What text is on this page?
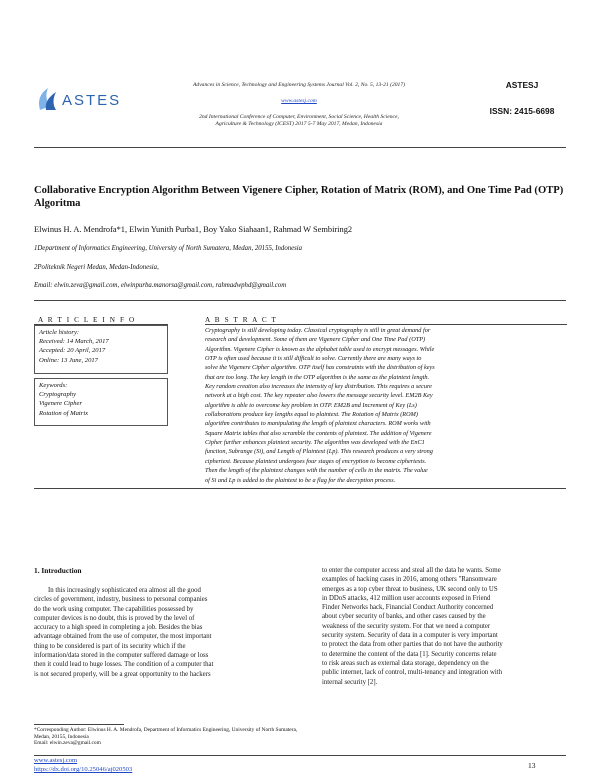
ASTES
Advances in Science, Technology and Engineering Systems Journal Vol. 2, No. 5, 13-21 (2017)
www.astesj.com
2nd International Conference of Computer, Environment, Social Science, Health Science,
Agriculture & Technology (ICEST) 2017 5-7 May 2017, Medan, Indonesia
ASTESJ
ISSN: 2415-6698
Collaborative Encryption Algorithm Between Vigenere Cipher, Rotation of Matrix (ROM), and One Time Pad (OTP) Algoritma
Elwinus H. A. Mendrofa*1, Elwin Yunith Purba1, Boy Yako Siahaan1, Rahmad W Sembiring2
1Department of Informatics Engineering, University of North Sumatera, Medan, 20155, Indonesia
2Politeknik Negeri Medan, Medan-Indonesia,
Email: elwin.zeva@gmail.com, elwinpurba.manorsa@gmail.com, rahmadwphd@gmail.com
A R T I C L E I N F O	A B S T R A C T
Article history:
Received: 14 March, 2017
Accepted: 20 April, 2017
Online: 13 June, 2017
Keywords:
Cryptography
Vigenere Cipher
Rotation of Matrix
Cryptography is still developing today. Classical cryptography is still in great demand for
research and development. Some of them are Vigenere Cipher and One Time Pad (OTP)
Algorithm. Vigenere Cipher is known as the alphabet table used to encrypt messages. While
OTP is often used because it is still difficult to solve. Currently there are many ways to
solve the Vigenere Cipher algorithm. OTP itself has constraints with the distribution of keys
that are too long. The key length in the OTP algorithm is the same as the plaintext length.
Key random creation also increases the intensity of key distribution. This requires a secure
network at a high cost. The key repeater also lowers the message security level. EM2B Key
algorithm is able to overcome key problem in OTP. EM2B and Increment of Key (Ls)
collaborations produce key lengths equal to plaintext. The Rotation of Matrix (ROM)
algorithm contributes to manipulating the length of plaintext characters. ROM works with
Square Matrix tables that also scramble the contents of plaintext. The addition of Vigenere
Cipher further enhances plaintext security. The algorithm was developed with the EnC1
function, Subrange (Si), and Length of Plaintext (Lp). This research produces a very strong
ciphertext. Because plaintext undergoes four stages of encryption to become ciphertexts.
Then the length of the plaintext changes with the number of cells in the matrix. The value
of Si and Lp is added to the plaintext to be a flag for the decryption process.
1. Introduction
In this increasingly sophisticated era almost all the good
circles of government, industry, business to personal companies
do the work using computer. The capabilities possessed by
computer devices is no doubt, this is proved by the level of
accuracy to a high speed in completing a job. Besides the bias
advantage obtained from the use of computer, the most important
thing to be considered is part of its security which if the
information/data stored in the computer suffered damage or loss
then it could lead to huge losses. The condition of a computer that
is not secured properly, will be a great opportunity to the hackers
to enter the computer access and steal all the data he wants. Some
examples of hacking cases in 2016, among others "Ransomware
emerges as a top cyber threat to business, UK second only to US
in DDoS attacks, 412 million user accounts exposed in Friend
Finder Networks hack, Financial Conduct Authority concerned
about cyber security of banks, and other cases caused by the
weakness of the security system. For that we need a computer
security system. Security of data in a computer is very important
to protect the data from other parties that do not have the authority
to determine the content of the data [1]. Security concerns relate
to risk areas such as external data storage, dependency on the
public internet, lack of control, multi-tenancy and integration with
internal security [2].
*Corresponding Author: Elwinus H. A. Mendrofa, Department of Informatics Engineering, University of North Sumatera, Medan, 20155, Indonesia
Email: elwin.zeva@gmail.com
www.astesj.com
https://dx.doi.org/10.25046/aj020503	13
